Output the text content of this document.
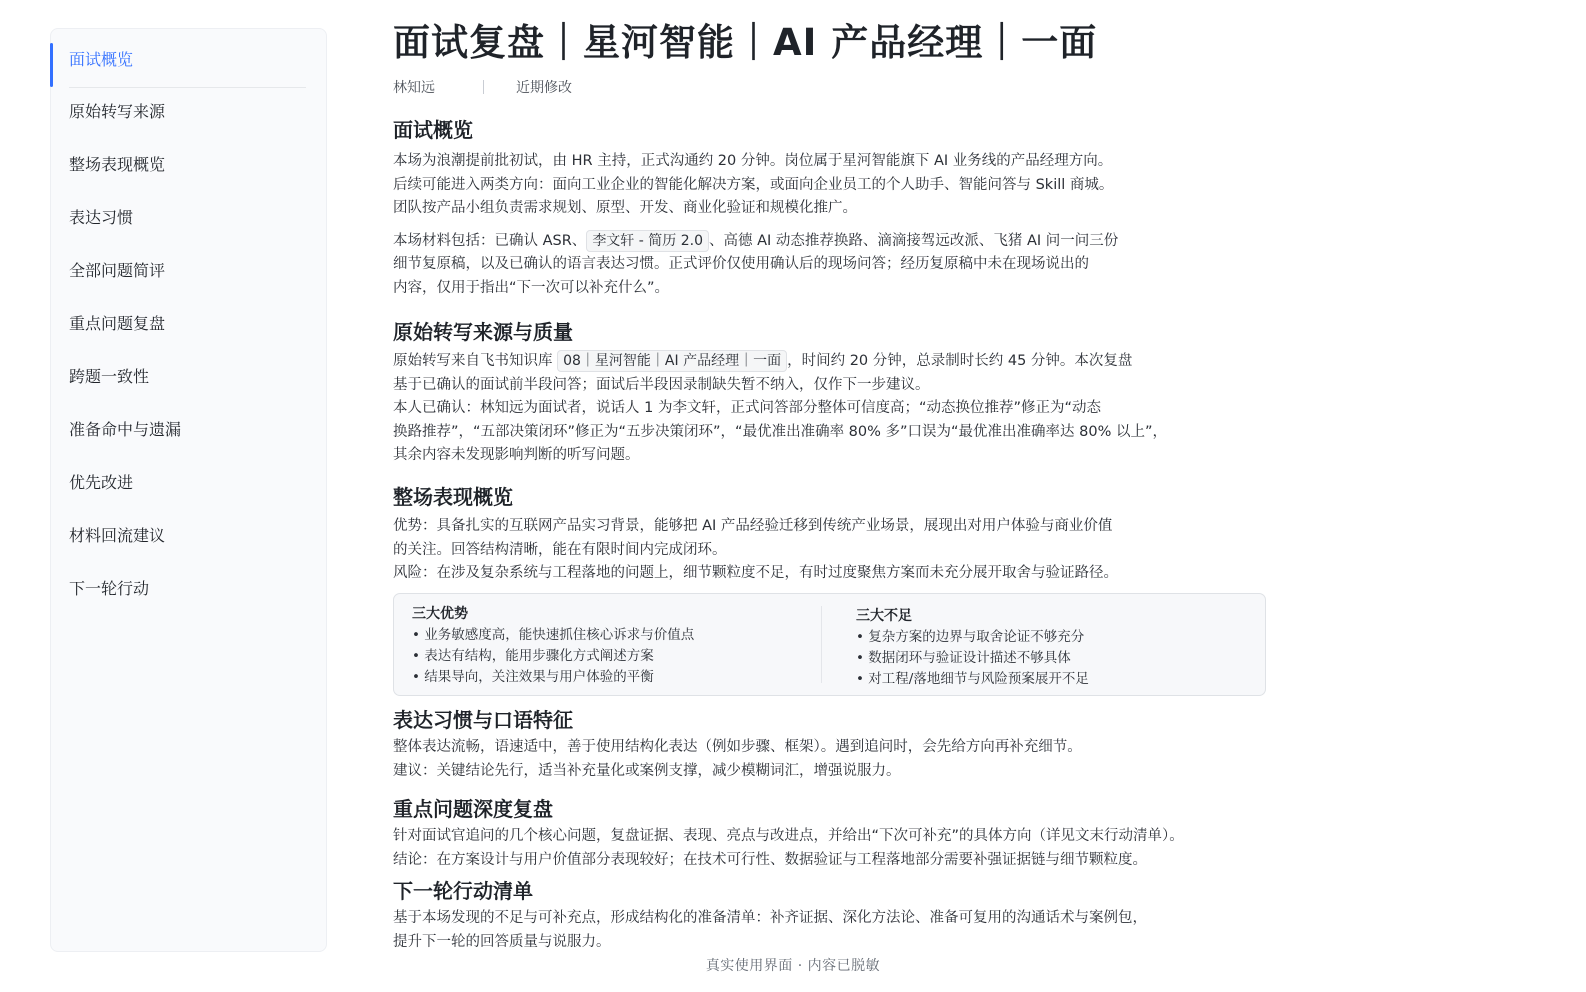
面试概览
原始转写来源
整场表现概览
表达习惯
全部问题简评
重点问题复盘
跨题一致性
准备命中与遗漏
优先改进
材料回流建议
下一轮行动
面试复盘｜星河智能｜AI 产品经理｜一面
林知远	近期修改
面试概览

本场为浪潮提前批初试，由 HR 主持，正式沟通约 20 分钟。岗位属于星河智能旗下 AI 业务线的产品经理方向。

后续可能进入两类方向：面向工业企业的智能化解决方案，或面向企业员工的个人助手、智能问答与 Skill 商城。

团队按产品小组负责需求规划、原型、开发、商业化验证和规模化推广。

本场材料包括：已确认 ASR、 李文轩 - 简历 2.0 、高德 AI 动态推荐换路、滴滴接驾远改派、飞猪 AI 问一问三份

细节复原稿，以及已确认的语言表达习惯。正式评价仅使用确认后的现场问答；经历复原稿中未在现场说出的

内容，仅用于指出“下一次可以补充什么”。

原始转写来源与质量

原始转写来自飞书知识库 08｜星河智能｜AI 产品经理｜一面 ，时间约 20 分钟，总录制时长约 45 分钟。本次复盘

基于已确认的面试前半段问答；面试后半段因录制缺失暂不纳入，仅作下一步建议。

本人已确认：林知远为面试者，说话人 1 为李文轩，正式问答部分整体可信度高；“动态换位推荐”修正为“动态

换路推荐”，“五部决策闭环”修正为“五步决策闭环”，“最优准出准确率 80% 多”口误为“最优准出准确率达 80% 以上”，

其余内容未发现影响判断的听写问题。

整场表现概览

优势：具备扎实的互联网产品实习背景，能够把 AI 产品经验迁移到传统产业场景，展现出对用户体验与商业价值

的关注。回答结构清晰，能在有限时间内完成闭环。

风险：在涉及复杂系统与工程落地的问题上，细节颗粒度不足，有时过度聚焦方案而未充分展开取舍与验证路径。

三大优势
• 业务敏感度高，能快速抓住核心诉求与价值点
• 表达有结构，能用步骤化方式阐述方案
• 结果导向，关注效果与用户体验的平衡
三大不足
• 复杂方案的边界与取舍论证不够充分
• 数据闭环与验证设计描述不够具体
• 对工程/落地细节与风险预案展开不足
表达习惯与口语特征

整体表达流畅，语速适中，善于使用结构化表达（例如步骤、框架）。遇到追问时，会先给方向再补充细节。

建议：关键结论先行，适当补充量化或案例支撑，减少模糊词汇，增强说服力。

重点问题深度复盘

针对面试官追问的几个核心问题，复盘证据、表现、亮点与改进点，并给出“下次可补充”的具体方向（详见文末行动清单）。

结论：在方案设计与用户价值部分表现较好；在技术可行性、数据验证与工程落地部分需要补强证据链与细节颗粒度。

下一轮行动清单

基于本场发现的不足与可补充点，形成结构化的准备清单：补齐证据、深化方法论、准备可复用的沟通话术与案例包，

提升下一轮的回答质量与说服力。

真实使用界面 · 内容已脱敏
